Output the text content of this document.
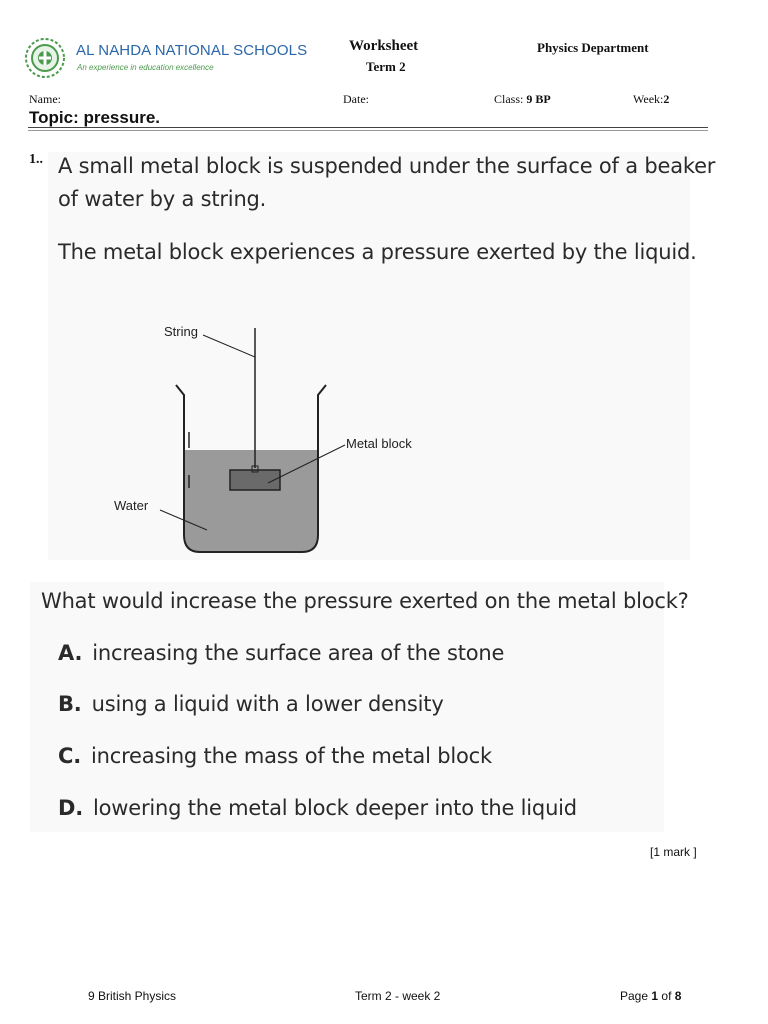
AL NAHDA NATIONAL SCHOOLS
An experience in education excellence
Worksheet
Term 2
Physics Department
Name:	Date:	Class: 9 BP	Week:2
Topic: pressure.
1.. A small metal block is suspended under the surface of a beaker
of water by a string.
The metal block experiences a pressure exerted by the liquid.
String
Metal block
Water
What would increase the pressure exerted on the metal block?
A. increasing the surface area of the stone
B. using a liquid with a lower density
C. increasing the mass of the metal block
D. lowering the metal block deeper into the liquid
[1 mark ]
9 British Physics	Term 2 - week 2	Page 1 of 8
